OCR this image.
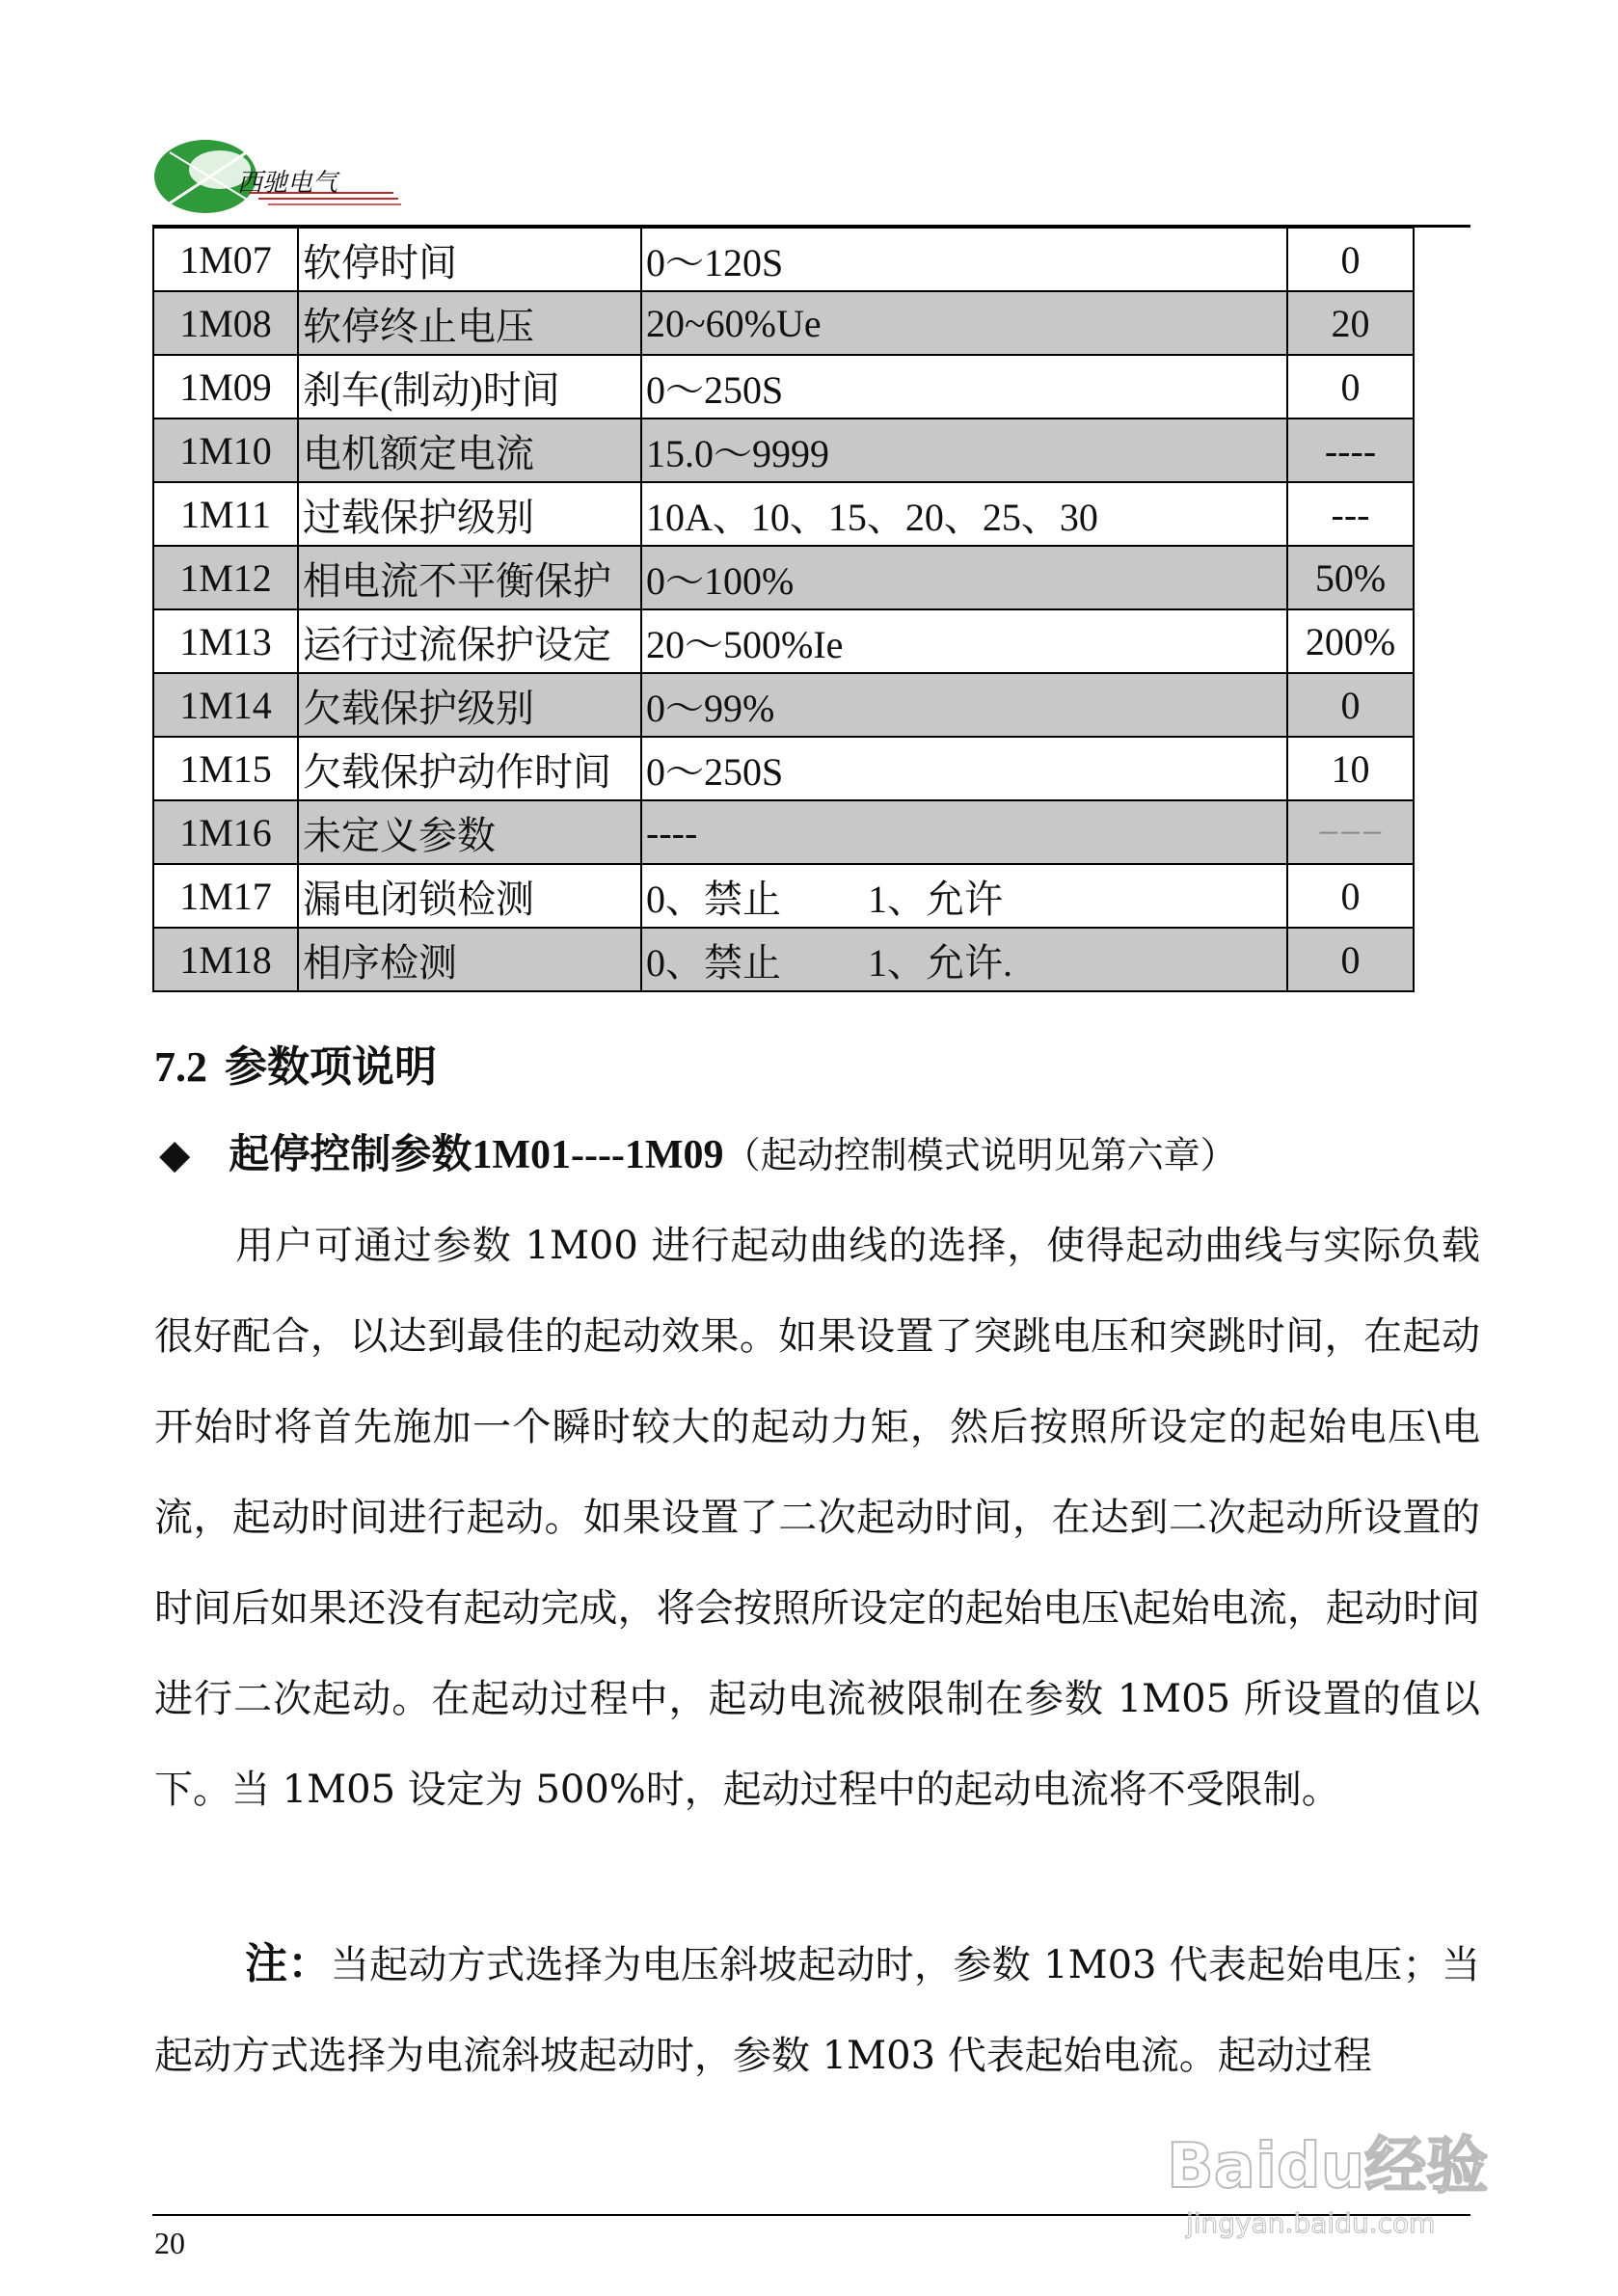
西驰电气
1M07	软停时间	0～120S	0
1M08	软停终止电压	20~60%Ue	20
1M09	刹车(制动)时间	0～250S	0
1M10	电机额定电流	15.0～9999	----
1M11	过载保护级别	10A、10、15、20、25、30	---
1M12	相电流不平衡保护	0～100%	50%
1M13	运行过流保护设定	20～500%Ie	200%
1M14	欠载保护级别	0～99%	0
1M15	欠载保护动作时间	0～250S	10
1M16	未定义参数	----	−−−
1M17	漏电闭锁检测	0、禁止 1、允许	0
1M18	相序检测	0、禁止 1、允许.	0
7.2 参数项说明
◆ 起停控制参数1M01----1M09（起动控制模式说明见第六章）
用户可通过参数 1M00 进行起动曲线的选择，使得起动曲线与实际负载很好配合，以达到最佳的起动效果。如果设置了突跳电压和突跳时间，在起动开始时将首先施加一个瞬时较大的起动力矩，然后按照所设定的起始电压\电流，起动时间进行起动。如果设置了二次起动时间，在达到二次起动所设置的时间后如果还没有起动完成，将会按照所设定的起始电压\起始电流，起动时间进行二次起动。在起动过程中，起动电流被限制在参数 1M05 所设置的值以下。当 1M05 设定为 500%时，起动过程中的起动电流将不受限制。
注：当起动方式选择为电压斜坡起动时，参数 1M03 代表起始电压；当起动方式选择为电流斜坡起动时，参数 1M03 代表起始电流。起动过程
20
Baidu经验
jingyan.baidu.com
